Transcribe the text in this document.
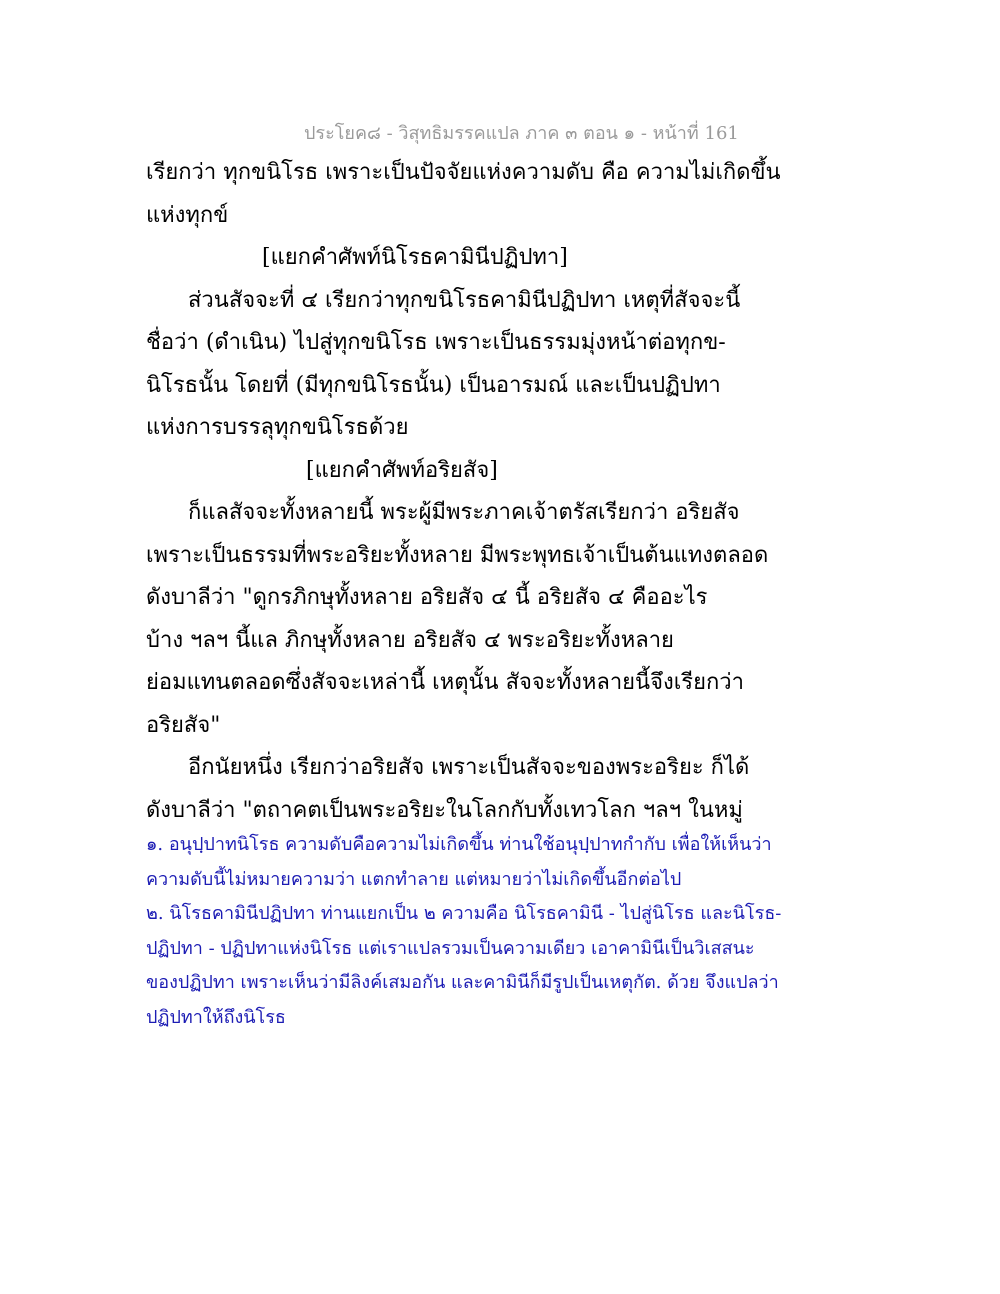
ประโยค๘ - วิสุทธิมรรคแปล ภาค ๓ ตอน ๑ - หน้าที่ 161
เรียกว่า ทุกขนิโรธ เพราะเป็นปัจจัยแห่งความดับ คือ ความไม่เกิดขึ้น
แห่งทุกข์
[แยกคำศัพท์นิโรธคามินีปฏิปทา]
ส่วนสัจจะที่ ๔ เรียกว่าทุกขนิโรธคามินีปฏิปทา เหตุที่สัจจะนี้
ชื่อว่า (ดำเนิน) ไปสู่ทุกขนิโรธ เพราะเป็นธรรมมุ่งหน้าต่อทุกข-
นิโรธนั้น โดยที่ (มีทุกขนิโรธนั้น) เป็นอารมณ์ และเป็นปฏิปทา
แห่งการบรรลุทุกขนิโรธด้วย
[แยกคำศัพท์อริยสัจ]
ก็แลสัจจะทั้งหลายนี้ พระผู้มีพระภาคเจ้าตรัสเรียกว่า อริยสัจ
เพราะเป็นธรรมที่พระอริยะทั้งหลาย มีพระพุทธเจ้าเป็นต้นแทงตลอด
ดังบาลีว่า "ดูกรภิกษุทั้งหลาย อริยสัจ ๔ นี้ อริยสัจ ๔ คืออะไร
บ้าง ฯลฯ นี้แล ภิกษุทั้งหลาย อริยสัจ ๔ พระอริยะทั้งหลาย
ย่อมแทนตลอดซึ่งสัจจะเหล่านี้ เหตุนั้น สัจจะทั้งหลายนี้จึงเรียกว่า
อริยสัจ"
อีกนัยหนึ่ง เรียกว่าอริยสัจ เพราะเป็นสัจจะของพระอริยะ ก็ได้
ดังบาลีว่า "ตถาคตเป็นพระอริยะในโลกกับทั้งเทวโลก ฯลฯ ในหมู่
๑. อนุปฺปาทนิโรธ ความดับคือความไม่เกิดขึ้น ท่านใช้อนุปฺปาทกำกับ เพื่อให้เห็นว่า
ความดับนี้ไม่หมายความว่า แตกทำลาย แต่หมายว่าไม่เกิดขึ้นอีกต่อไป
๒. นิโรธคามินีปฏิปทา ท่านแยกเป็น ๒ ความคือ นิโรธคามินี - ไปสู่นิโรธ และนิโรธ-
ปฏิปทา - ปฏิปทาแห่งนิโรธ แต่เราแปลรวมเป็นความเดียว เอาคามินีเป็นวิเสสนะ
ของปฏิปทา เพราะเห็นว่ามีลิงค์เสมอกัน และคามินีก็มีรูปเป็นเหตุกัต. ด้วย จึงแปลว่า
ปฏิปทาให้ถึงนิโรธ
